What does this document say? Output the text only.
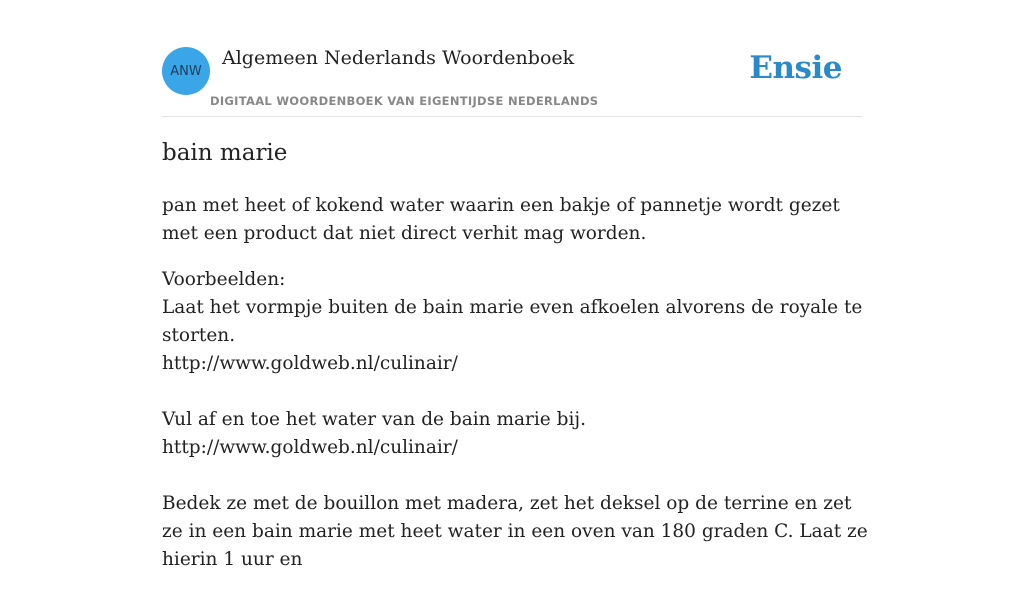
ANW
Algemeen Nederlands Woordenboek
DIGITAAL WOORDENBOEK VAN EIGENTIJDSE NEDERLANDS
Ensie
bain marie

pan met heet of kokend water waarin een bakje of pannetje wordt gezet met een product dat niet direct verhit mag worden.

Voorbeelden:
Laat het vormpje buiten de bain marie even afkoelen alvorens de royale te storten.
http://www.goldweb.nl/culinair/
Vul af en toe het water van de bain marie bij.
http://www.goldweb.nl/culinair/
Bedek ze met de bouillon met madera, zet het deksel op de terrine en zet ze in een bain marie met heet water in een oven van 180 graden C. Laat ze hierin 1 uur en
